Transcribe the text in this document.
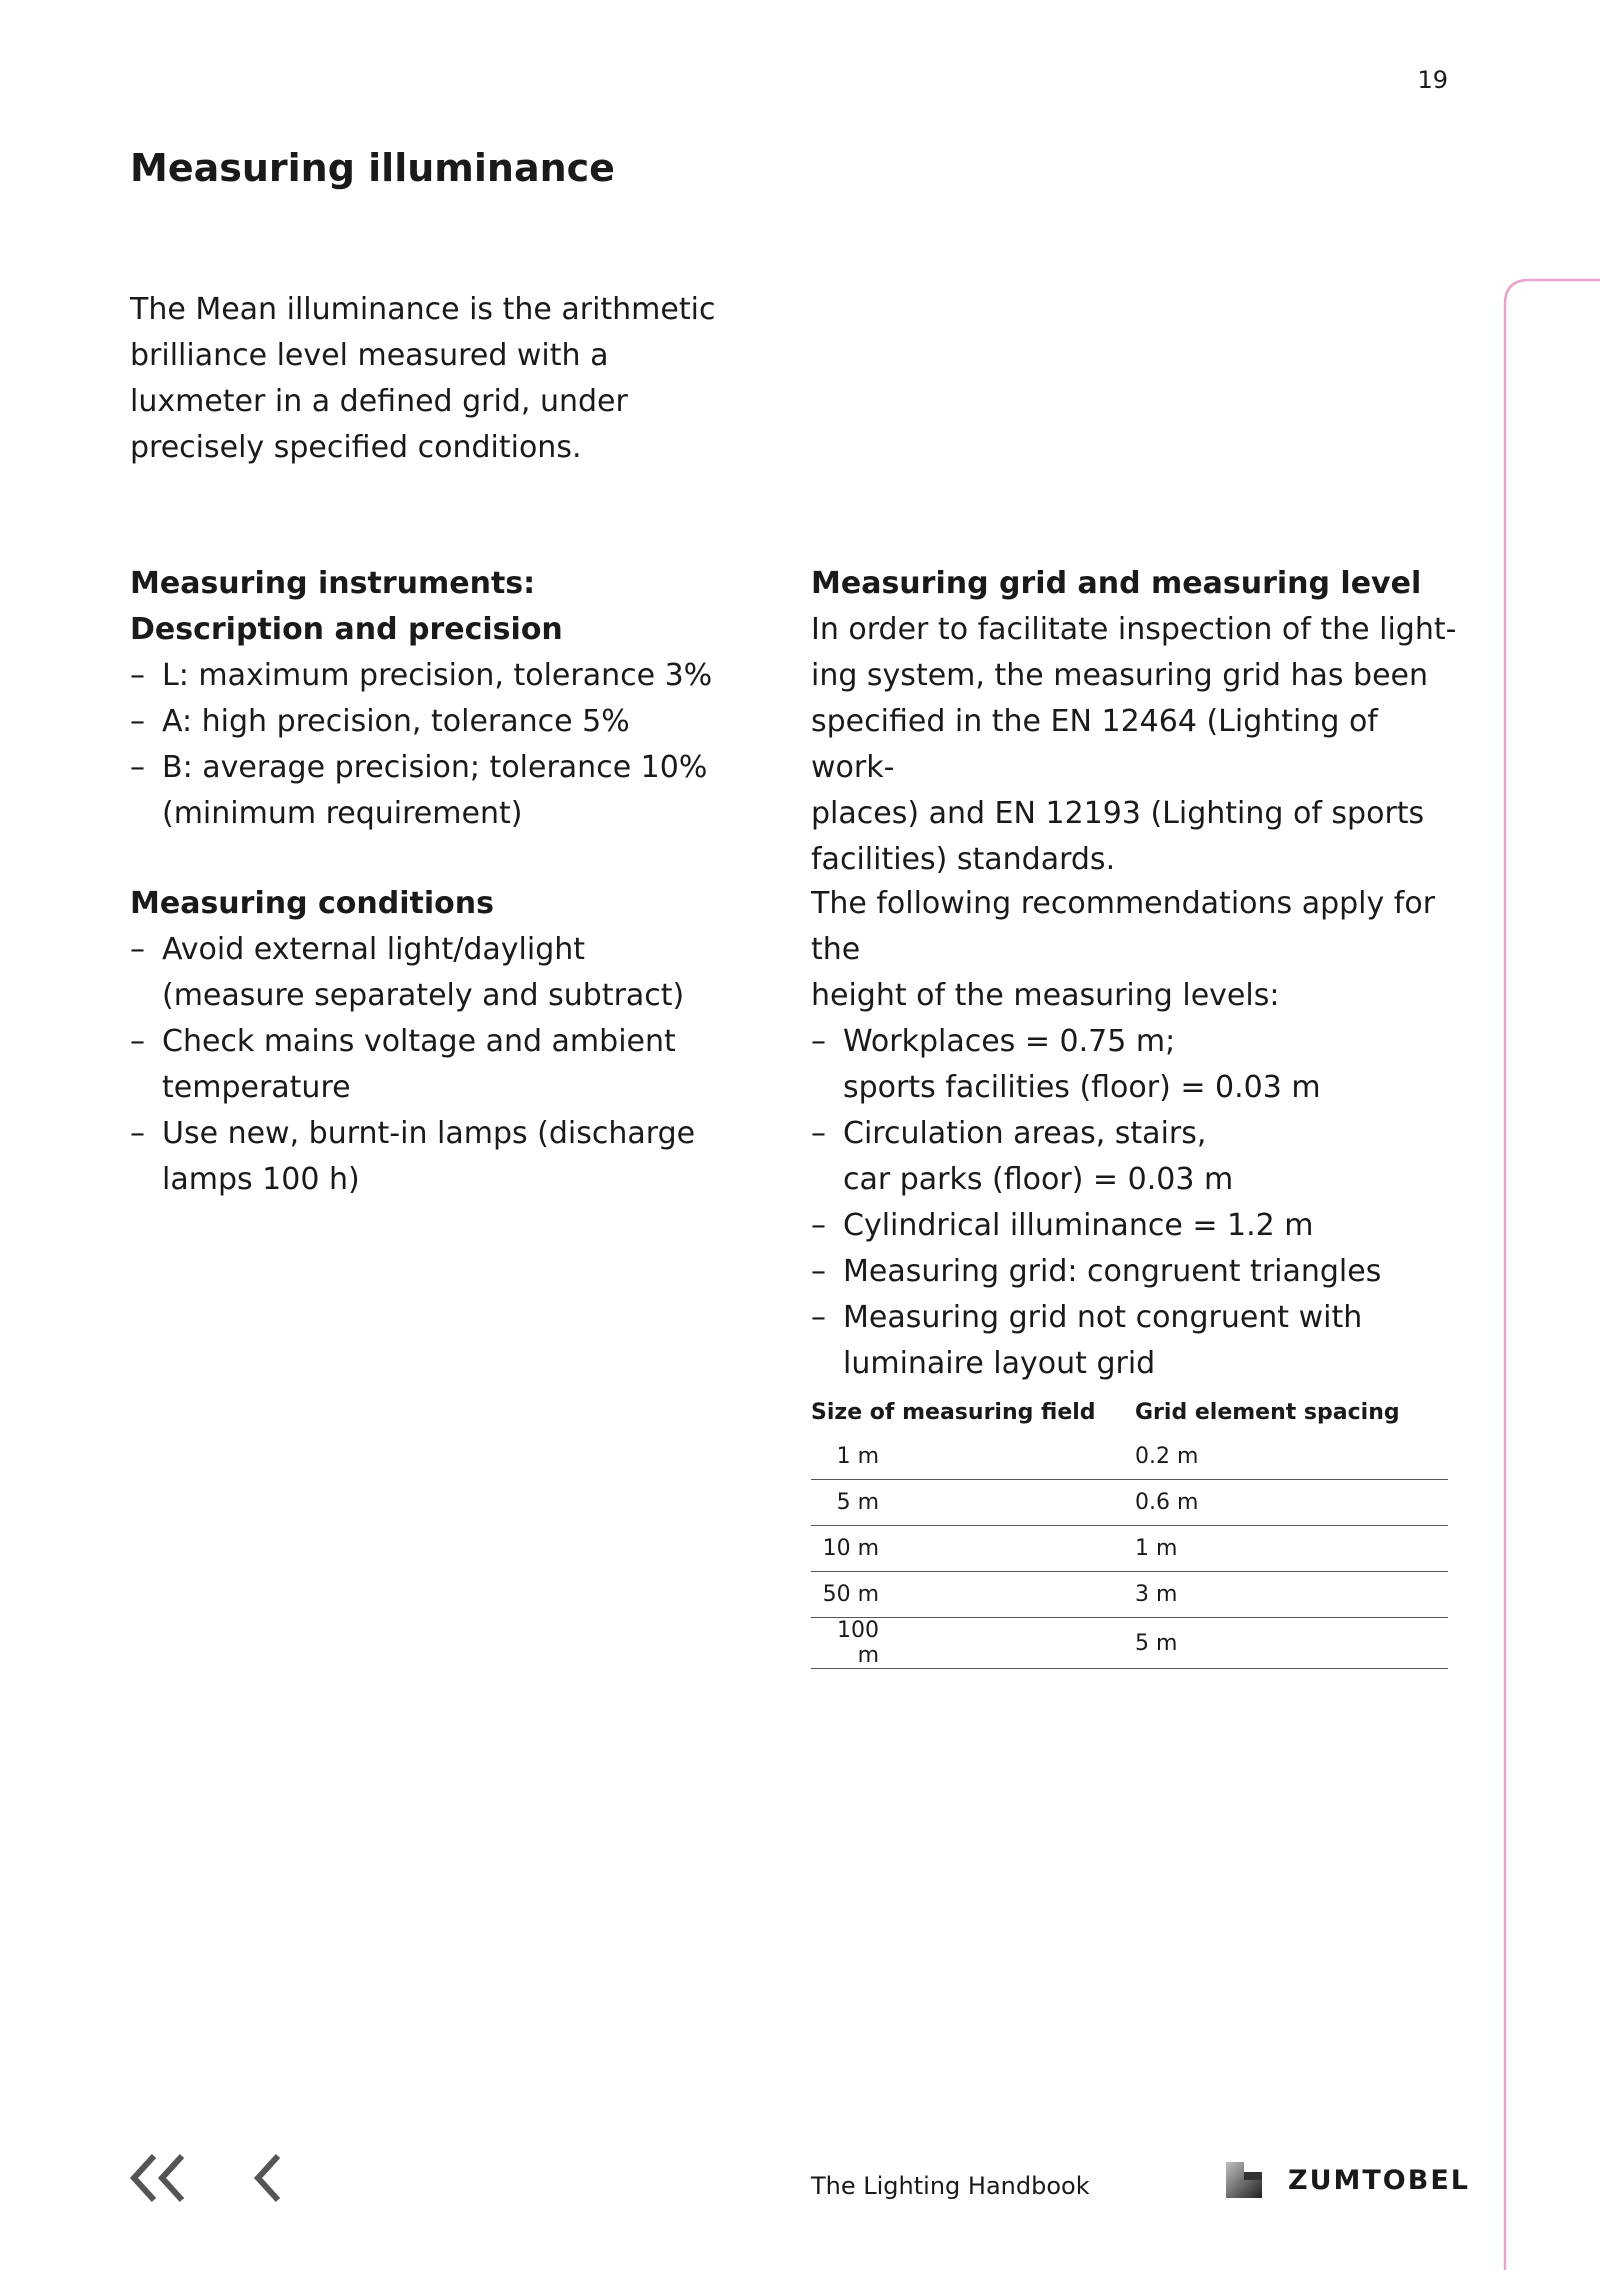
19
Measuring illuminance

The Mean illuminance is the arithmetic brilliance level measured with a luxmeter in a defined grid, under precisely specified conditions.

Measuring instruments:
Description and precision
– L: maximum precision, tolerance 3%
– A: high precision, tolerance 5%
– B: average precision; tolerance 10%
(minimum requirement)
Measuring conditions
– Avoid external light/daylight
(measure separately and subtract)
– Check mains voltage and ambient
temperature
– Use new, burnt-in lamps (discharge
lamps 100 h)
Measuring grid and measuring level

In order to facilitate inspection of the light-
ing system, the measuring grid has been
specified in the EN 12464 (Lighting of work-
places) and EN 12193 (Lighting of sports
facilities) standards.

The following recommendations apply for the
height of the measuring levels:

– Workplaces = 0.75 m;
sports facilities (floor) = 0.03 m
– Circulation areas, stairs,
car parks (floor) = 0.03 m
– Cylindrical illuminance = 1.2 m
– Measuring grid: congruent triangles
– Measuring grid not congruent with
luminaire layout grid
Size of measuring field	Grid element spacing
1 m	0.2 m
5 m	0.6 m
10 m	1 m
50 m	3 m
100 m	5 m
The Lighting Handbook	ZUMTOBEL
